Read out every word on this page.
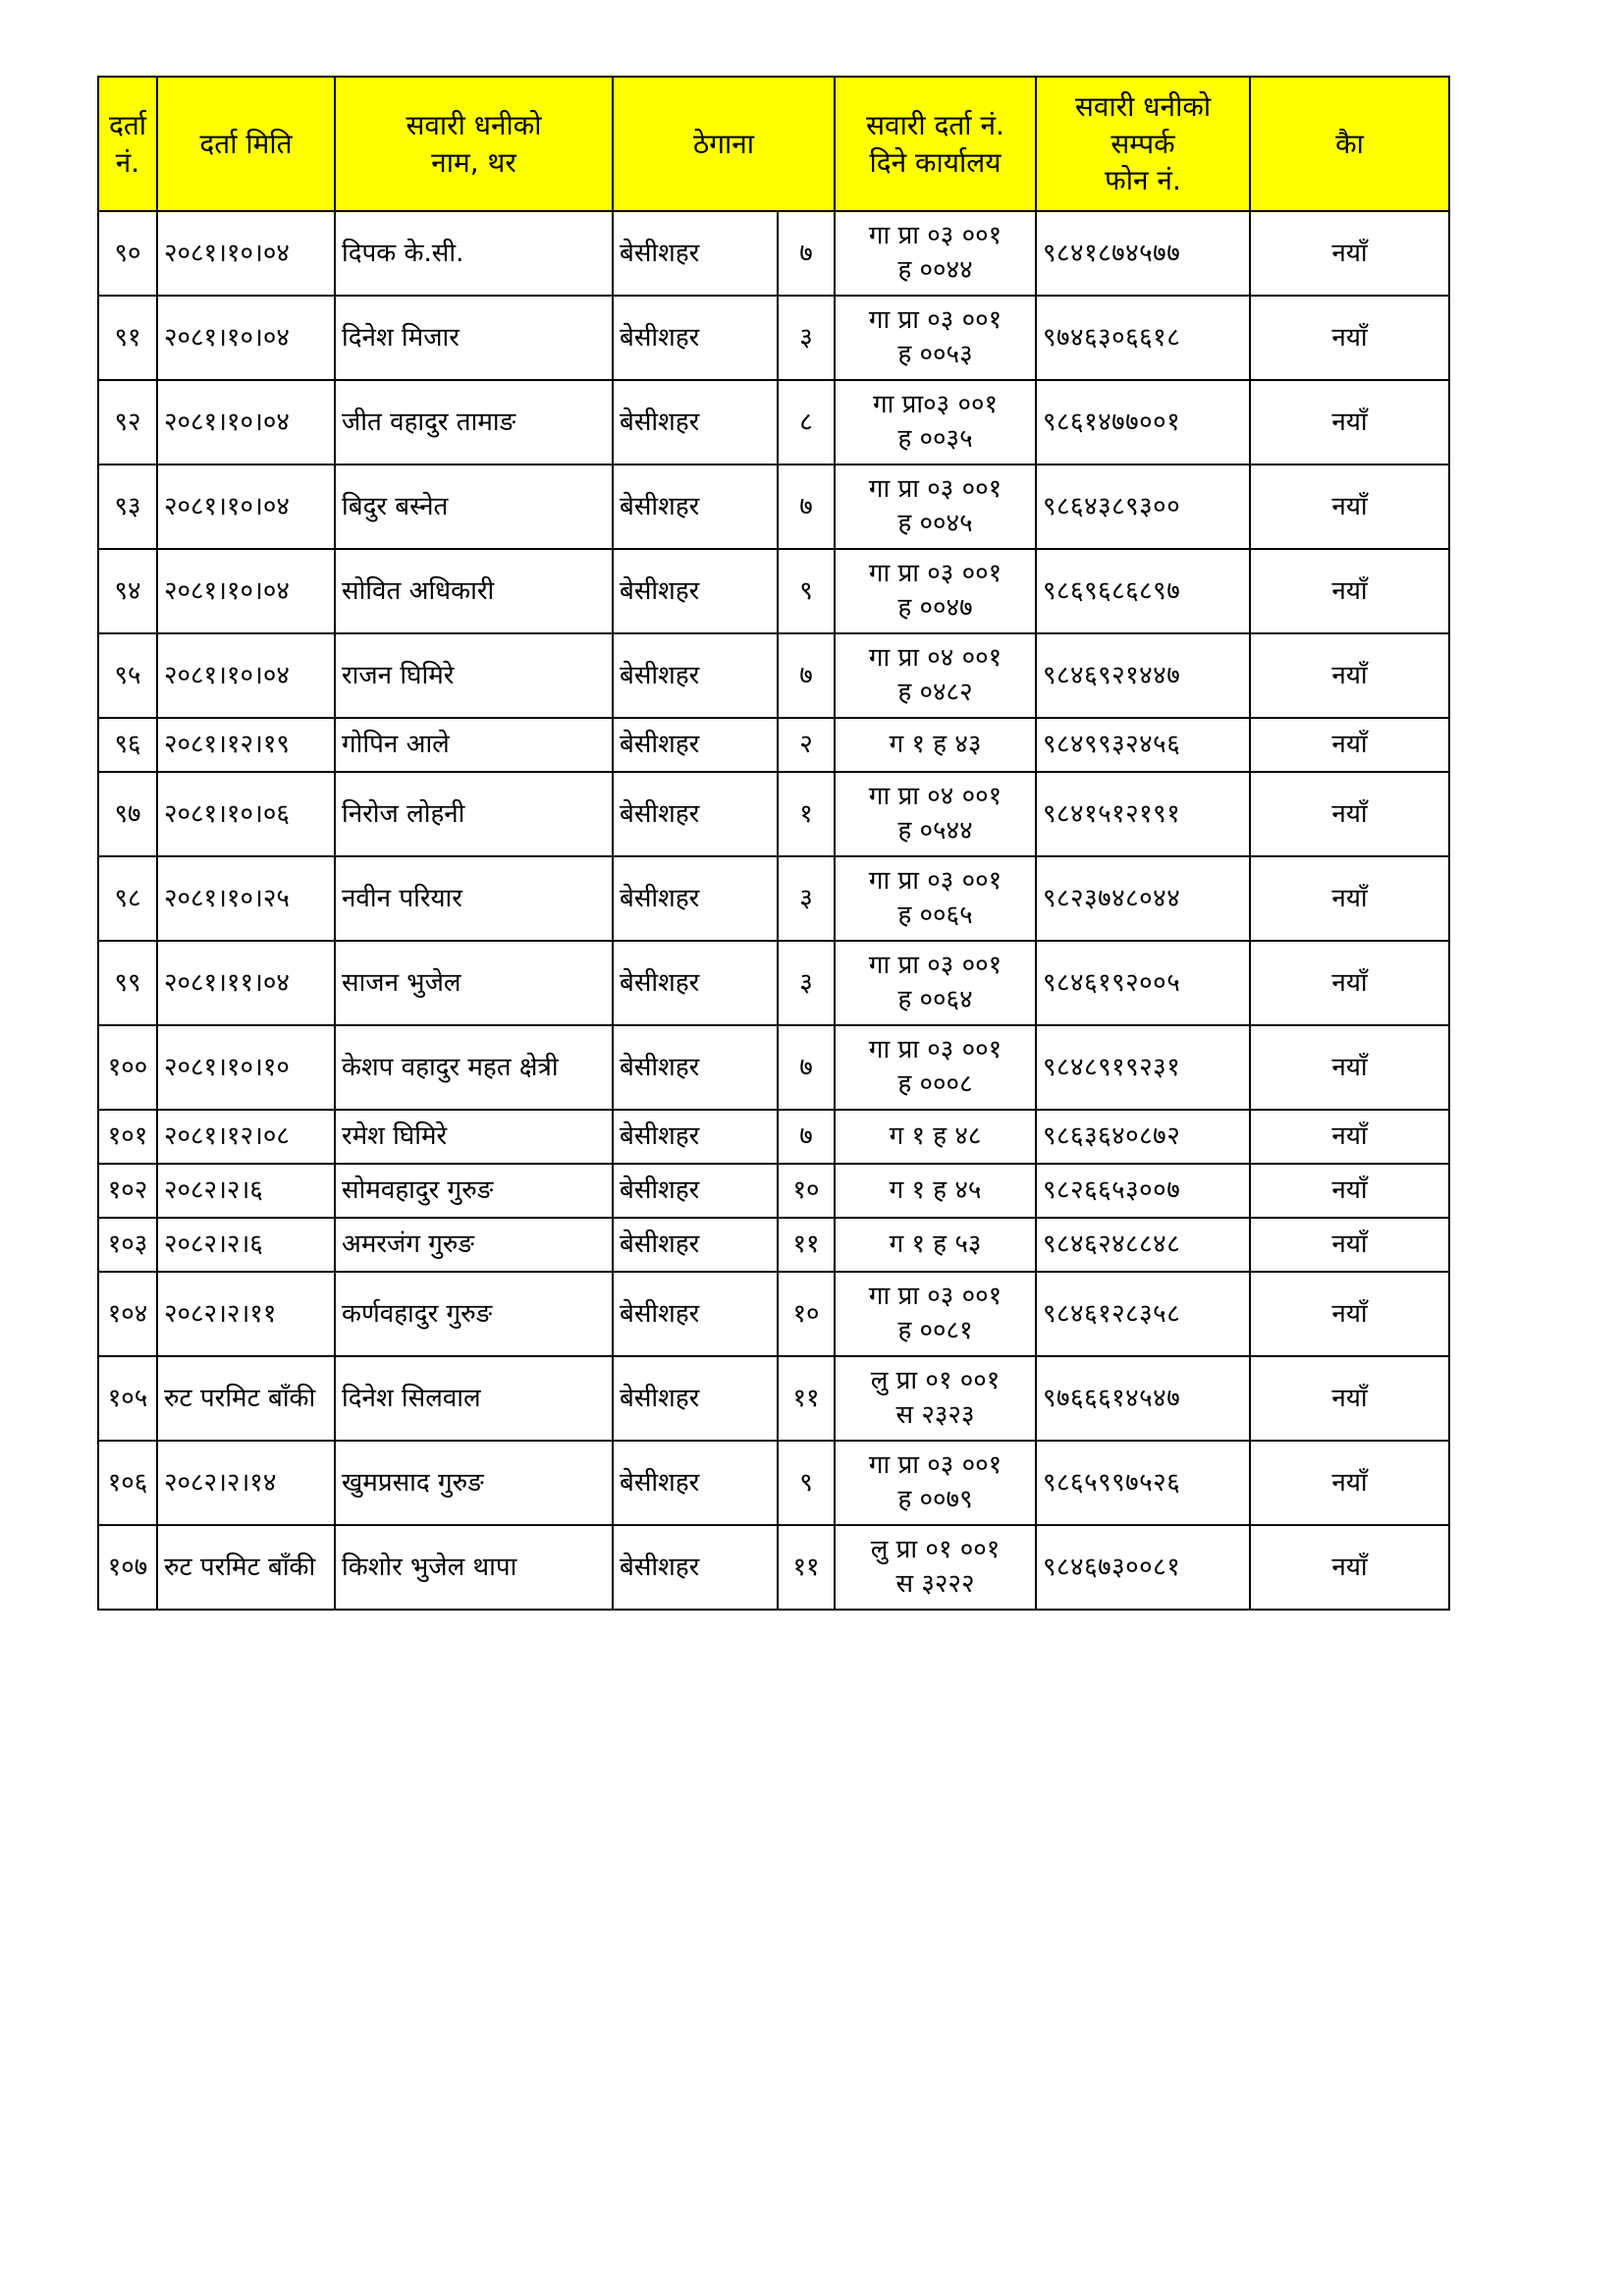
दर्ता
नं.	दर्ता मिति	सवारी धनीको
नाम, थर	ठेगाना		सवारी दर्ता नं.
दिने कार्यालय	सवारी धनीको
सम्पर्क
फोन नं.	कैा

९०	२०८१।१०।०४	दिपक के.सी.	बेसीशहर	७	गा प्रा ०३ ००१
ह ००४४	९८४१८७४५७७	नयाँ
९१	२०८१।१०।०४	दिनेश मिजार	बेसीशहर	३	गा प्रा ०३ ००१
ह ००५३	९७४६३०६६१८	नयाँ
९२	२०८१।१०।०४	जीत वहादुर तामाङ	बेसीशहर	८	गा प्रा०३ ००१
ह ००३५	९८६१४७७००१	नयाँ
९३	२०८१।१०।०४	बिदुर बस्नेत	बेसीशहर	७	गा प्रा ०३ ००१
ह ००४५	९८६४३८९३००	नयाँ
९४	२०८१।१०।०४	सोवित अधिकारी	बेसीशहर	९	गा प्रा ०३ ००१
ह ००४७	९८६९६८६८९७	नयाँ
९५	२०८१।१०।०४	राजन घिमिरे	बेसीशहर	७	गा प्रा ०४ ००१
ह ०४८२	९८४६९२१४४७	नयाँ
९६	२०८१।१२।१९	गोपिन आले	बेसीशहर	२	ग १ ह ४३	९८४९९३२४५६	नयाँ
९७	२०८१।१०।०६	निरोज लोहनी	बेसीशहर	१	गा प्रा ०४ ००१
ह ०५४४	९८४१५१२१९१	नयाँ
९८	२०८१।१०।२५	नवीन परियार	बेसीशहर	३	गा प्रा ०३ ००१
ह ००६५	९८२३७४८०४४	नयाँ
९९	२०८१।११।०४	साजन भुजेल	बेसीशहर	३	गा प्रा ०३ ००१
ह ००६४	९८४६१९२००५	नयाँ
१००	२०८१।१०।१०	केशप वहादुर महत क्षेत्री	बेसीशहर	७	गा प्रा ०३ ००१
ह ०००८	९८४८९१९२३१	नयाँ
१०१	२०८१।१२।०८	रमेश घिमिरे	बेसीशहर	७	ग १ ह ४८	९८६३६४०८७२	नयाँ
१०२	२०८२।२।६	सोमवहादुर गुरुङ	बेसीशहर	१०	ग १ ह ४५	९८२६६५३००७	नयाँ
१०३	२०८२।२।६	अमरजंग गुरुङ	बेसीशहर	११	ग १ ह ५३	९८४६२४८८४८	नयाँ
१०४	२०८२।२।११	कर्णवहादुर गुरुङ	बेसीशहर	१०	गा प्रा ०३ ००१
ह ००८१	९८४६१२८३५८	नयाँ
१०५	रुट परमिट बाँकी	दिनेश सिलवाल	बेसीशहर	११	लु प्रा ०१ ००१
स २३२३	९७६६६१४५४७	नयाँ
१०६	२०८२।२।१४	खुमप्रसाद गुरुङ	बेसीशहर	९	गा प्रा ०३ ००१
ह ००७९	९८६५९९७५२६	नयाँ
१०७	रुट परमिट बाँकी	किशोर भुजेल थापा	बेसीशहर	११	लु प्रा ०१ ००१
स ३२२२	९८४६७३००८१	नयाँ
